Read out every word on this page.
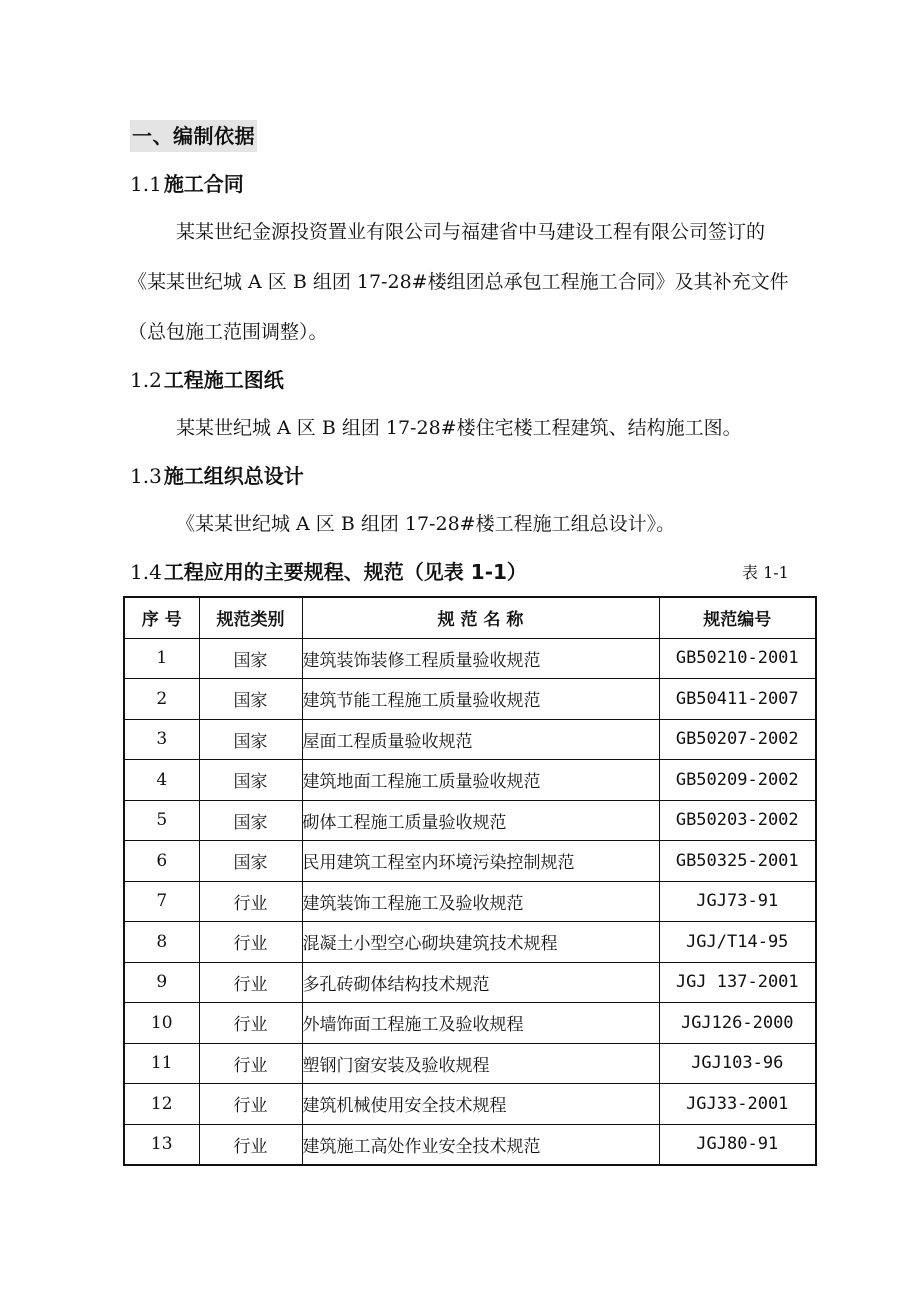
一、编制依据
1.1 施工合同
某某世纪金源投资置业有限公司与福建省中马建设工程有限公司签订的
《某某世纪城 A 区 B 组团 17-28#楼组团总承包工程施工合同》及其补充文件
（总包施工范围调整）。
1.2 工程施工图纸
某某世纪城 A 区 B 组团 17-28#楼住宅楼工程建筑、结构施工图。
1.3 施工组织总设计
《某某世纪城 A 区 B 组团 17-28#楼工程施工组总设计》。
1.4 工程应用的主要规程、规范（见表 1-1）	表 1-1
序 号	规范类别	规 范 名 称	规范编号
1	国家	建筑装饰装修工程质量验收规范	GB50210-2001
2	国家	建筑节能工程施工质量验收规范	GB50411-2007
3	国家	屋面工程质量验收规范	GB50207-2002
4	国家	建筑地面工程施工质量验收规范	GB50209-2002
5	国家	砌体工程施工质量验收规范	GB50203-2002
6	国家	民用建筑工程室内环境污染控制规范	GB50325-2001
7	行业	建筑装饰工程施工及验收规范	JGJ73-91
8	行业	混凝土小型空心砌块建筑技术规程	JGJ/T14-95
9	行业	多孔砖砌体结构技术规范	JGJ 137-2001
10	行业	外墙饰面工程施工及验收规程	JGJ126-2000
11	行业	塑钢门窗安装及验收规程	JGJ103-96
12	行业	建筑机械使用安全技术规程	JGJ33-2001
13	行业	建筑施工高处作业安全技术规范	JGJ80-91
